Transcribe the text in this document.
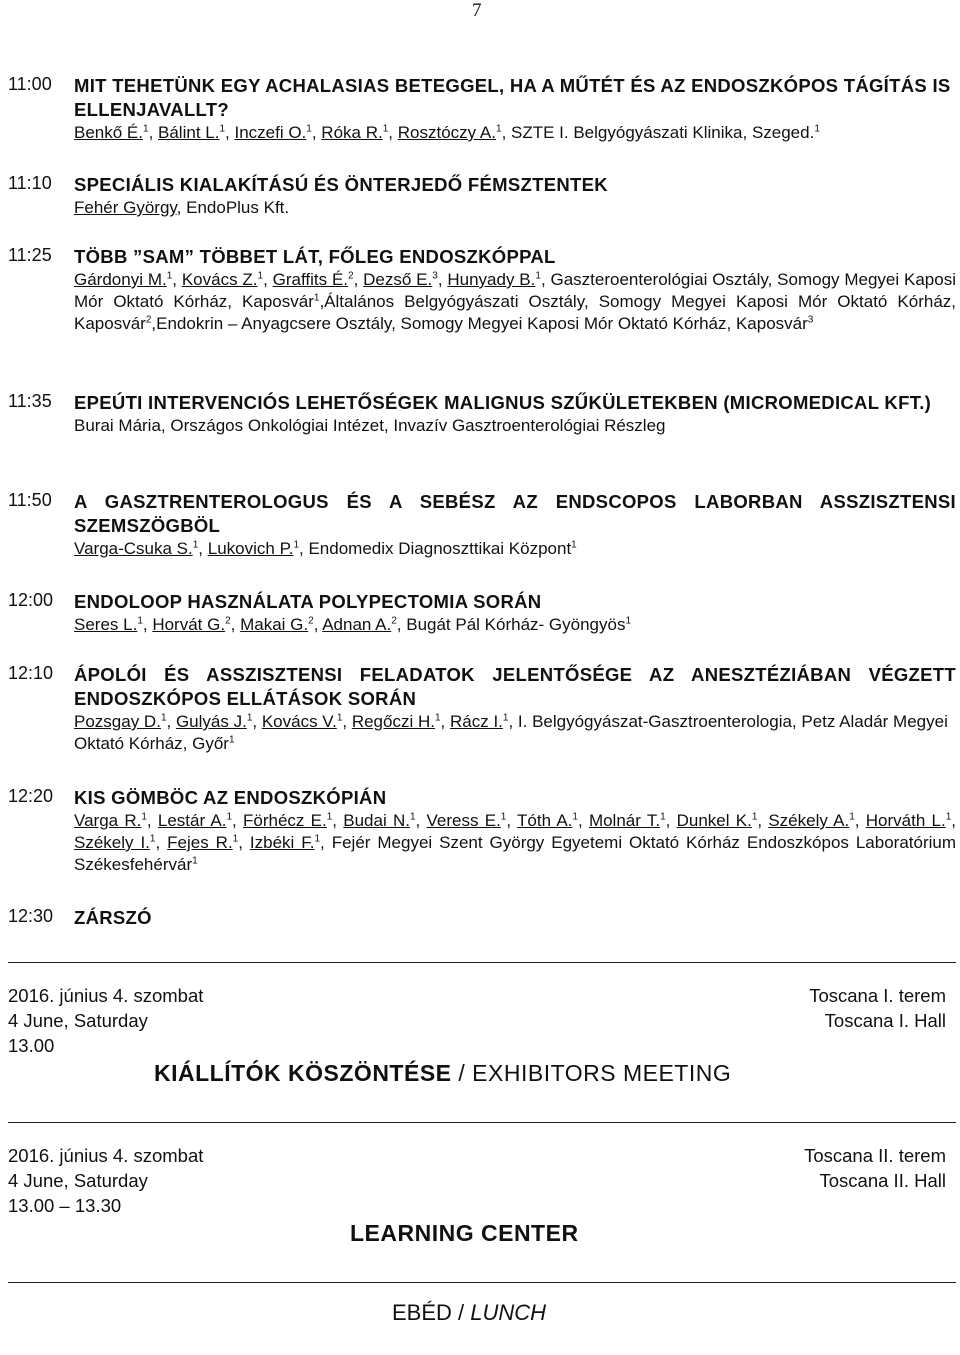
7
11:00 MIT TEHETÜNK EGY ACHALASIAS BETEGGEL, HA A MŰTÉT ÉS AZ ENDOSZKÓPOS TÁGÍTÁS IS ELLENJAVALLT?
Benkő É.$^1$, Bálint L.$^1$, Inczefi O.$^1$, Róka R.$^1$, Rosztóczy A.$^1$, SZTE I. Belgyógyászati Klinika, Szeged.$^1$
11:10 SPECIÁLIS KIALAKÍTÁSÚ ÉS ÖNTERJEDŐ FÉMSZTENTEK
Fehér György, EndoPlus Kft.
11:25 TÖBB ”SAM” TÖBBET LÁT, FŐLEG ENDOSZKÓPPAL
Gárdonyi M.$^1$, Kovács Z.$^1$, Graffits É.$^2$, Dezső E.$^3$, Hunyady B.$^1$, Gaszteroenterológiai Osztály, Somogy Megyei Kaposi Mór Oktató Kórház, Kaposvár$^1$,Általános Belgyógyászati Osztály, Somogy Megyei Kaposi Mór Oktató Kórház, Kaposvár$^2$,Endokrin – Anyagcsere Osztály, Somogy Megyei Kaposi Mór Oktató Kórház, Kaposvár$^3$
11:35 EPEÚTI INTERVENCIÓS LEHETŐSÉGEK MALIGNUS SZŰKÜLETEKBEN (MICROMEDICAL KFT.)
Burai Mária, Országos Onkológiai Intézet, Invazív Gasztroenterológiai Részleg
11:50 A GASZTRENTEROLOGUS ÉS A SEBÉSZ AZ ENDSCOPOS LABORBAN ASSZISZTENSI SZEMSZÖGBÖL
Varga-Csuka S.$^1$, Lukovich P.$^1$, Endomedix Diagnoszttikai Központ$^1$
12:00 ENDOLOOP HASZNÁLATA POLYPECTOMIA SORÁN
Seres L.$^1$, Horvát G.$^2$, Makai G.$^2$, Adnan A.$^2$, Bugát Pál Kórház- Gyöngyös$^1$
12:10 ÁPOLÓI ÉS ASSZISZTENSI FELADATOK JELENTŐSÉGE AZ ANESZTÉZIÁBAN VÉGZETT ENDOSZKÓPOS ELLÁTÁSOK SORÁN
Pozsgay D.$^1$, Gulyás J.$^1$, Kovács V.$^1$, Regőczi H.$^1$, Rácz I.$^1$, I. Belgyógyászat-Gasztroenterologia, Petz Aladár Megyei Oktató Kórház, Győr$^1$
12:20 KIS GÖMBÖC AZ ENDOSZKÓPIÁN
Varga R.$^1$, Lestár A.$^1$, Förhécz E.$^1$, Budai N.$^1$, Veress E.$^1$, Tóth A.$^1$, Molnár T.$^1$, Dunkel K.$^1$, Székely A.$^1$, Horváth L.$^1$, Székely I.$^1$, Fejes R.$^1$, Izbéki F.$^1$, Fejér Megyei Szent György Egyetemi Oktató Kórház Endoszkópos Laboratórium Székesfehérvár$^1$
12:30 ZÁRSZÓ
2016. június 4. szombat	Toscana I. terem
4 June, Saturday	Toscana I. Hall
13.00
KIÁLLÍTÓK KÖSZÖNTÉSE / EXHIBITORS MEETING
2016. június 4. szombat	Toscana II. terem
4 June, Saturday	Toscana II. Hall
13.00 – 13.30
LEARNING CENTER
EBÉD / LUNCH
